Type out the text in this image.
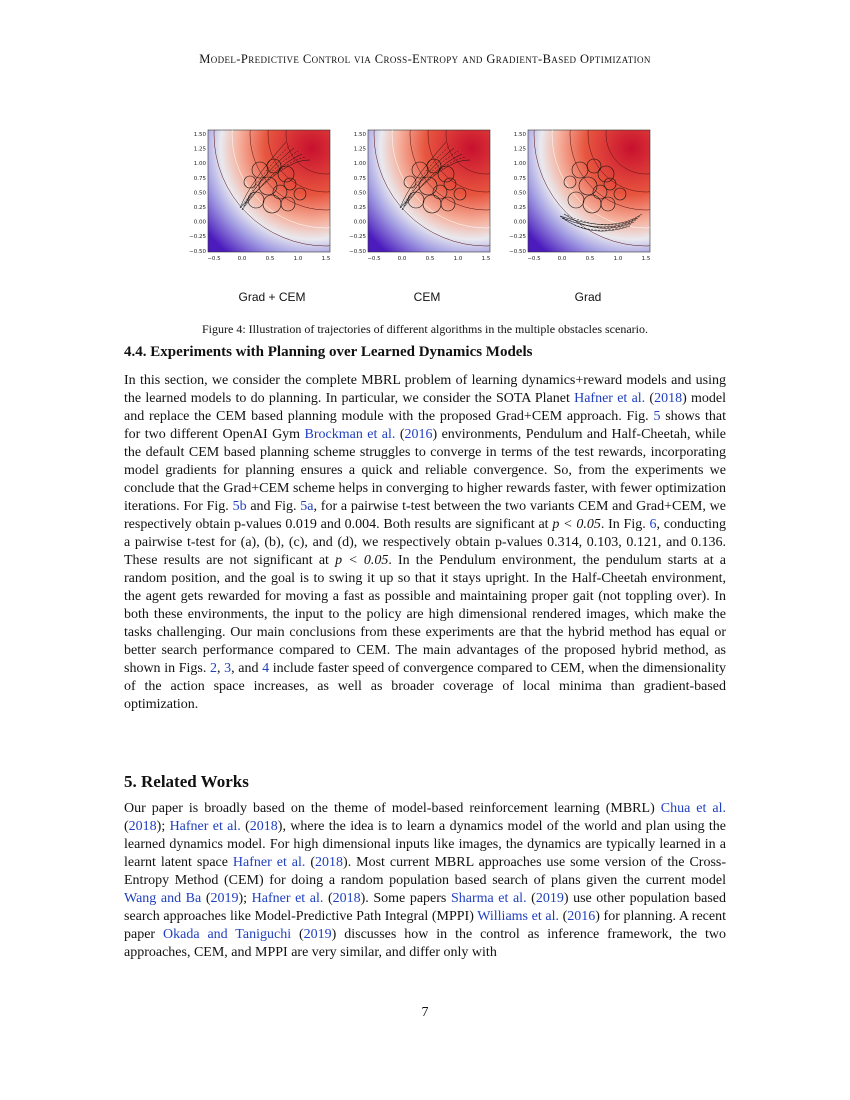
Model-Predictive Control via Cross-Entropy and Gradient-Based Optimization
−0.5	0.0	0.5	1.0	1.5
1.50
1.25
1.00
0.75
0.50
0.25
0.00
−0.25
−0.50
−0.5	0.0	0.5	1.0	1.5
1.50
1.25
1.00
0.75
0.50
0.25
0.00
−0.25
−0.50
−0.5	0.0	0.5	1.0	1.5
1.50
1.25
1.00
0.75
0.50
0.25
0.00
−0.25
−0.50
Grad + CEM	CEM	Grad
Figure 4: Illustration of trajectories of different algorithms in the multiple obstacles scenario.
4.4. Experiments with Planning over Learned Dynamics Models
In this section, we consider the complete MBRL problem of learning dynamics+reward models and using the learned models to do planning. In particular, we consider the SOTA Planet Hafner et al. (2018) model and replace the CEM based planning module with the proposed Grad+CEM approach. Fig. 5 shows that for two different OpenAI Gym Brockman et al. (2016) environments, Pendulum and Half-Cheetah, while the default CEM based planning scheme struggles to converge in terms of the test rewards, incorporating model gradients for planning ensures a quick and reliable convergence. So, from the experiments we conclude that the Grad+CEM scheme helps in converging to higher rewards faster, with fewer optimization iterations. For Fig. 5b and Fig. 5a, for a pairwise t-test between the two variants CEM and Grad+CEM, we respectively obtain p-values 0.019 and 0.004. Both results are significant at p < 0.05. In Fig. 6, conducting a pairwise t-test for (a), (b), (c), and (d), we respectively obtain p-values 0.314, 0.103, 0.121, and 0.136. These results are not significant at p < 0.05. In the Pendulum environment, the pendulum starts at a random position, and the goal is to swing it up so that it stays upright. In the Half-Cheetah environment, the agent gets rewarded for moving a fast as possible and maintaining proper gait (not toppling over). In both these environments, the input to the policy are high dimensional rendered images, which make the tasks challenging. Our main conclusions from these experiments are that the hybrid method has equal or better search performance compared to CEM. The main advantages of the proposed hybrid method, as shown in Figs. 2, 3, and 4 include faster speed of convergence compared to CEM, when the dimensionality of the action space increases, as well as broader coverage of local minima than gradient-based optimization.
5. Related Works
Our paper is broadly based on the theme of model-based reinforcement learning (MBRL) Chua et al. (2018); Hafner et al. (2018), where the idea is to learn a dynamics model of the world and plan using the learned dynamics model. For high dimensional inputs like images, the dynamics are typically learned in a learnt latent space Hafner et al. (2018). Most current MBRL approaches use some version of the Cross-Entropy Method (CEM) for doing a random population based search of plans given the current model Wang and Ba (2019); Hafner et al. (2018). Some papers Sharma et al. (2019) use other population based search approaches like Model-Predictive Path Integral (MPPI) Williams et al. (2016) for planning. A recent paper Okada and Taniguchi (2019) discusses how in the control as inference framework, the two approaches, CEM, and MPPI are very similar, and differ only with
7
